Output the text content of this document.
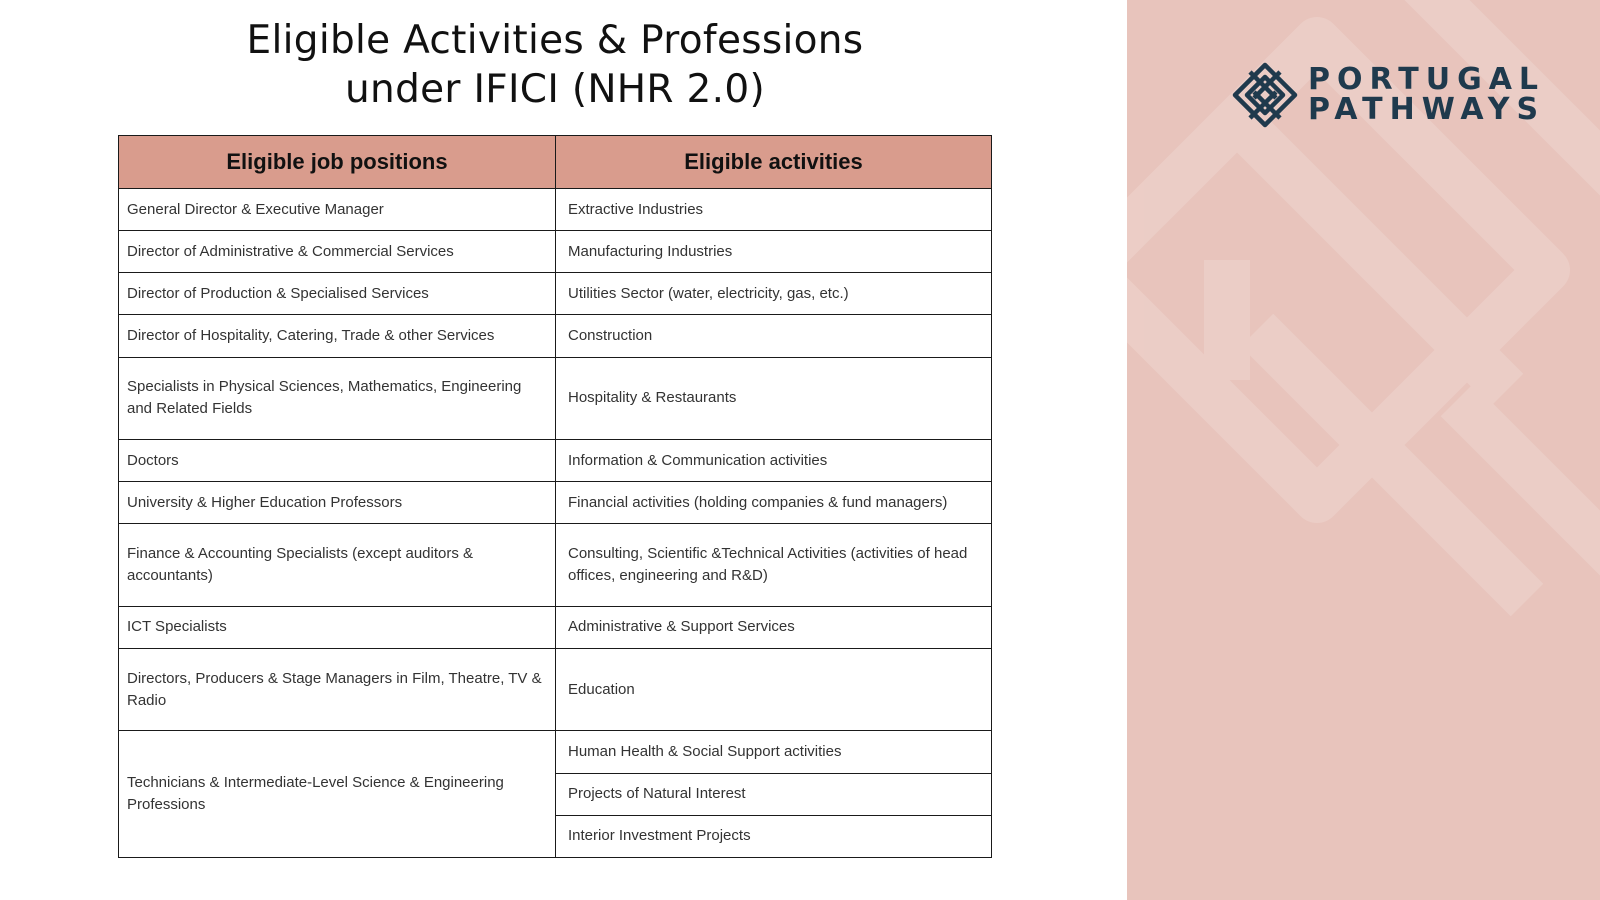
Eligible Activities & Professions
under IFICI (NHR 2.0)
Eligible job positions	Eligible activities
General Director & Executive Manager	Extractive Industries
Director of Administrative & Commercial Services	Manufacturing Industries
Director of Production & Specialised Services	Utilities Sector (water, electricity, gas, etc.)
Director of Hospitality, Catering, Trade & other Services	Construction
Specialists in Physical Sciences, Mathematics, Engineering and Related Fields	Hospitality & Restaurants
Doctors	Information & Communication activities
University & Higher Education Professors	Financial activities (holding companies & fund managers)
Finance & Accounting Specialists (except auditors & accountants)	Consulting, Scientific &Technical Activities (activities of head offices, engineering and R&D)
ICT Specialists	Administrative & Support Services
Directors, Producers & Stage Managers in Film, Theatre, TV & Radio	Education
Technicians & Intermediate-Level Science & Engineering Professions	Human Health & Social Support activities
	Projects of Natural Interest
	Interior Investment Projects
PORTUGAL
PATHWAYS
